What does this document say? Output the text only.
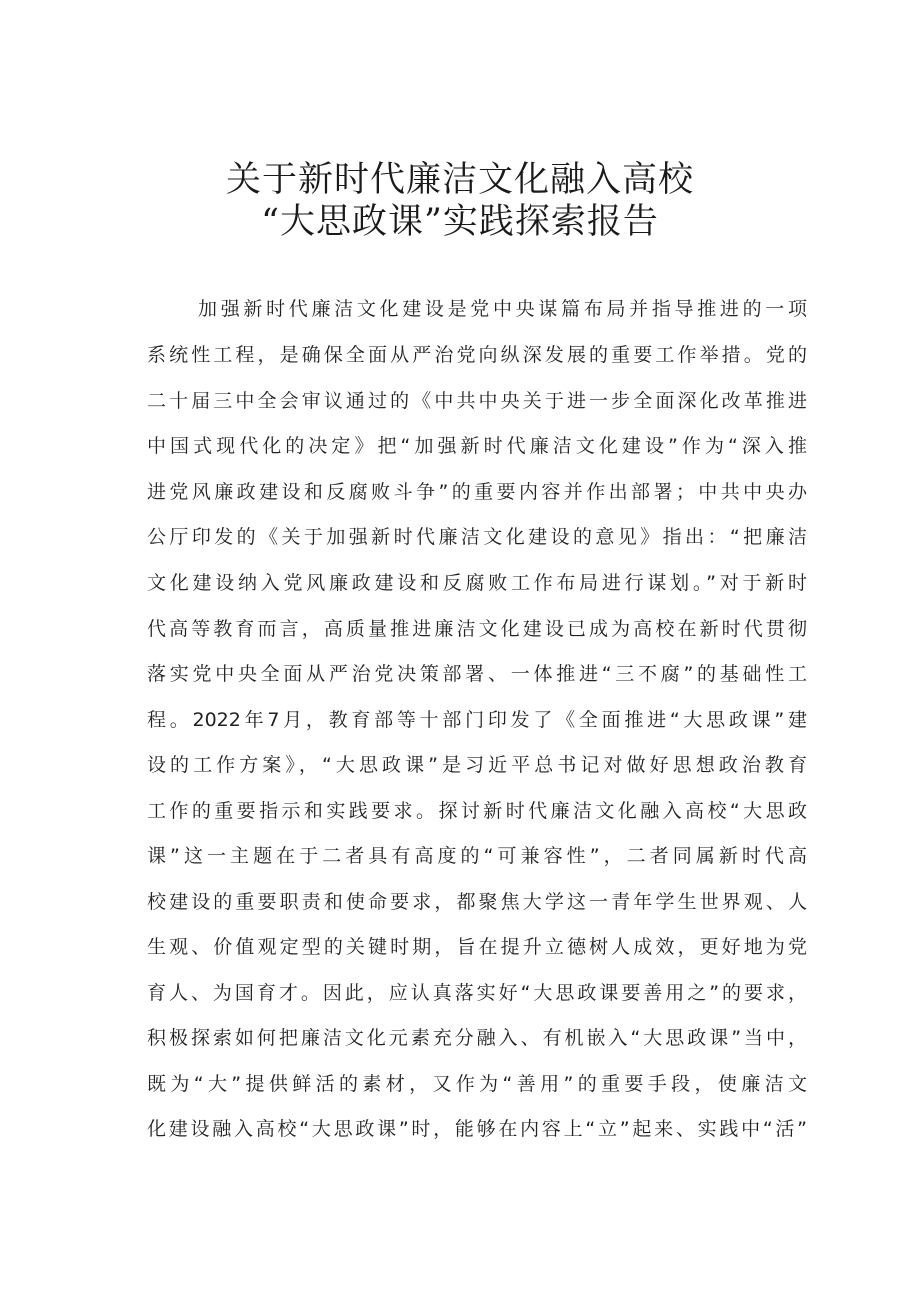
关于新时代廉洁文化融入高校
“大思政课”实践探索报告
加强新时代廉洁文化建设是党中央谋篇布局并指导推进的一项
系统性工程，是确保全面从严治党向纵深发展的重要工作举措。党的
二十届三中全会审议通过的《中共中央关于进一步全面深化改革推进
中国式现代化的决定》把“加强新时代廉洁文化建设”作为“深入推
进党风廉政建设和反腐败斗争”的重要内容并作出部署；中共中央办
公厅印发的《关于加强新时代廉洁文化建设的意见》指出：“把廉洁
文化建设纳入党风廉政建设和反腐败工作布局进行谋划。”对于新时
代高等教育而言，高质量推进廉洁文化建设已成为高校在新时代贯彻
落实党中央全面从严治党决策部署、一体推进“三不腐”的基础性工
程。2022年7月，教育部等十部门印发了《全面推进“大思政课”建
设的工作方案》，“大思政课”是习近平总书记对做好思想政治教育
工作的重要指示和实践要求。探讨新时代廉洁文化融入高校“大思政
课”这一主题在于二者具有高度的“可兼容性”，二者同属新时代高
校建设的重要职责和使命要求，都聚焦大学这一青年学生世界观、人
生观、价值观定型的关键时期，旨在提升立德树人成效，更好地为党
育人、为国育才。因此，应认真落实好“大思政课要善用之”的要求，
积极探索如何把廉洁文化元素充分融入、有机嵌入“大思政课”当中，
既为“大”提供鲜活的素材，又作为“善用”的重要手段，使廉洁文
化建设融入高校“大思政课”时，能够在内容上“立”起来、实践中“活”
